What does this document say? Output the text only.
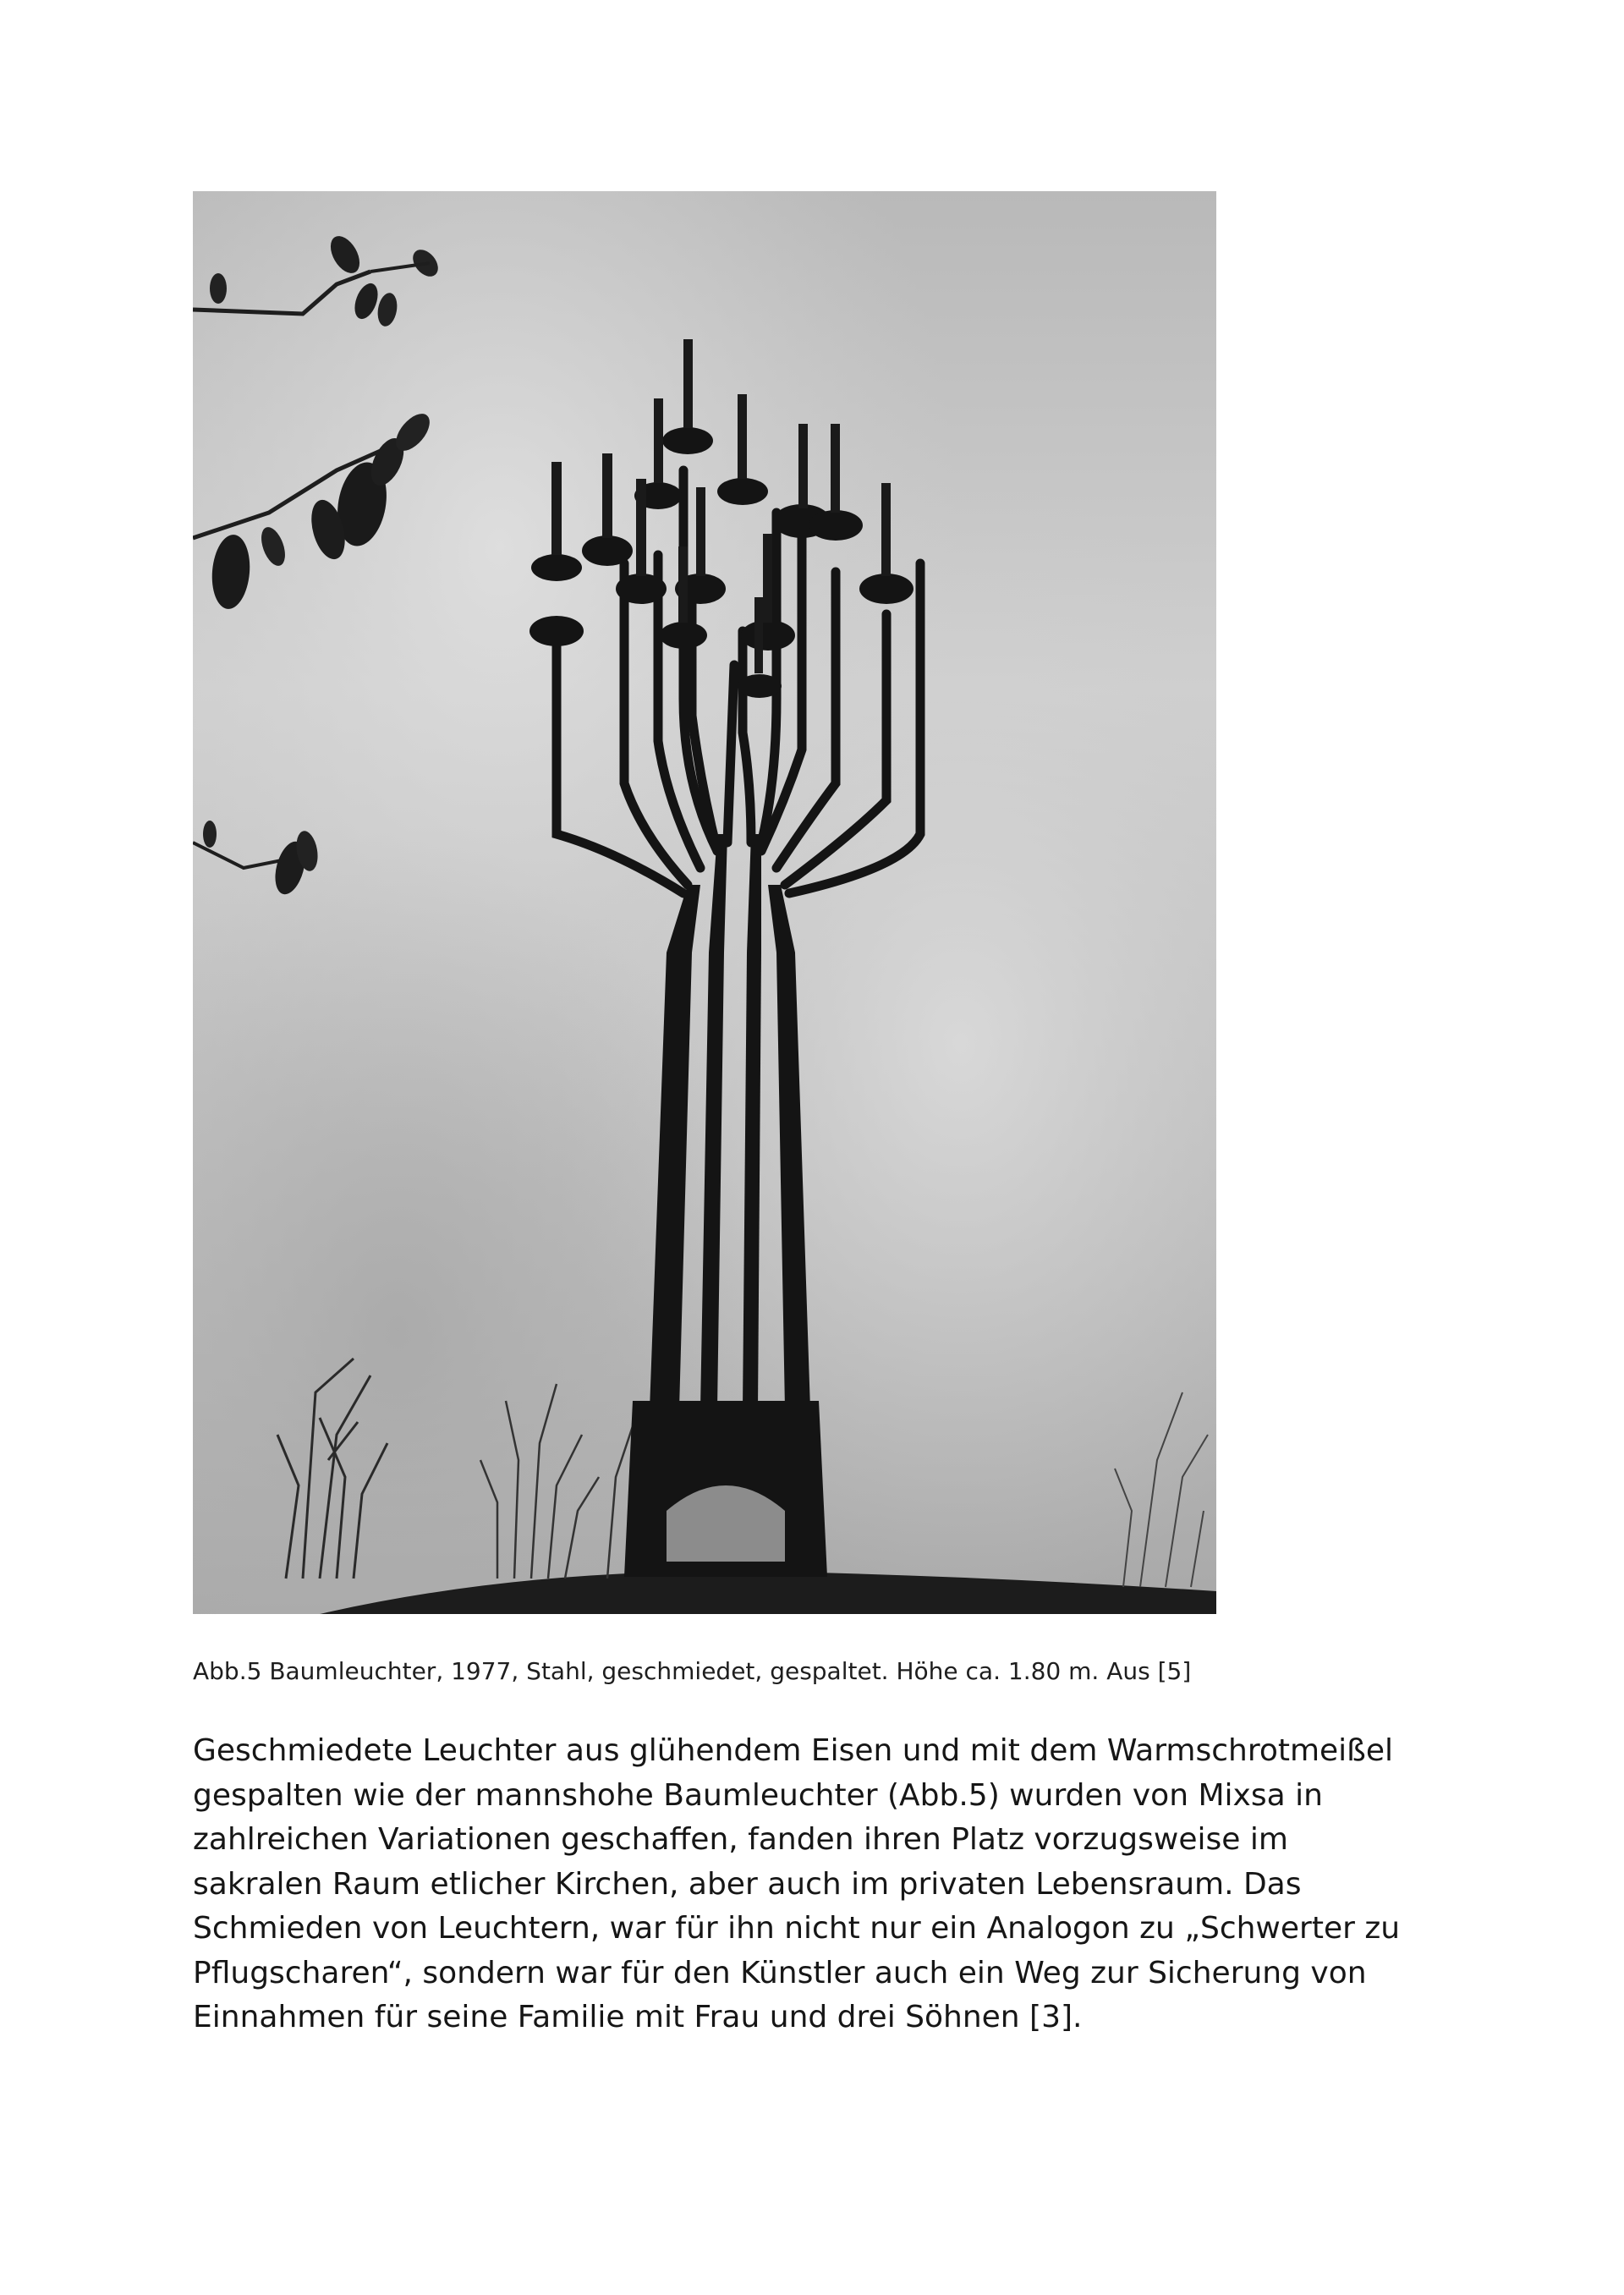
Abb.5 Baumleuchter, 1977, Stahl, geschmiedet, gespaltet. Höhe ca. 1.80 m. Aus [5]
Geschmiedete Leuchter aus glühendem Eisen und mit dem Warmschrotmeißel
gespalten wie der mannshohe Baumleuchter (Abb.5) wurden von Mixsa in
zahlreichen Variationen geschaffen, fanden ihren Platz vorzugsweise im
sakralen Raum etlicher Kirchen, aber auch im privaten Lebensraum. Das
Schmieden von Leuchtern, war für ihn nicht nur ein Analogon zu „Schwerter zu
Pflugscharen“, sondern war für den Künstler auch ein Weg zur Sicherung von
Einnahmen für seine Familie mit Frau und drei Söhnen [3].
